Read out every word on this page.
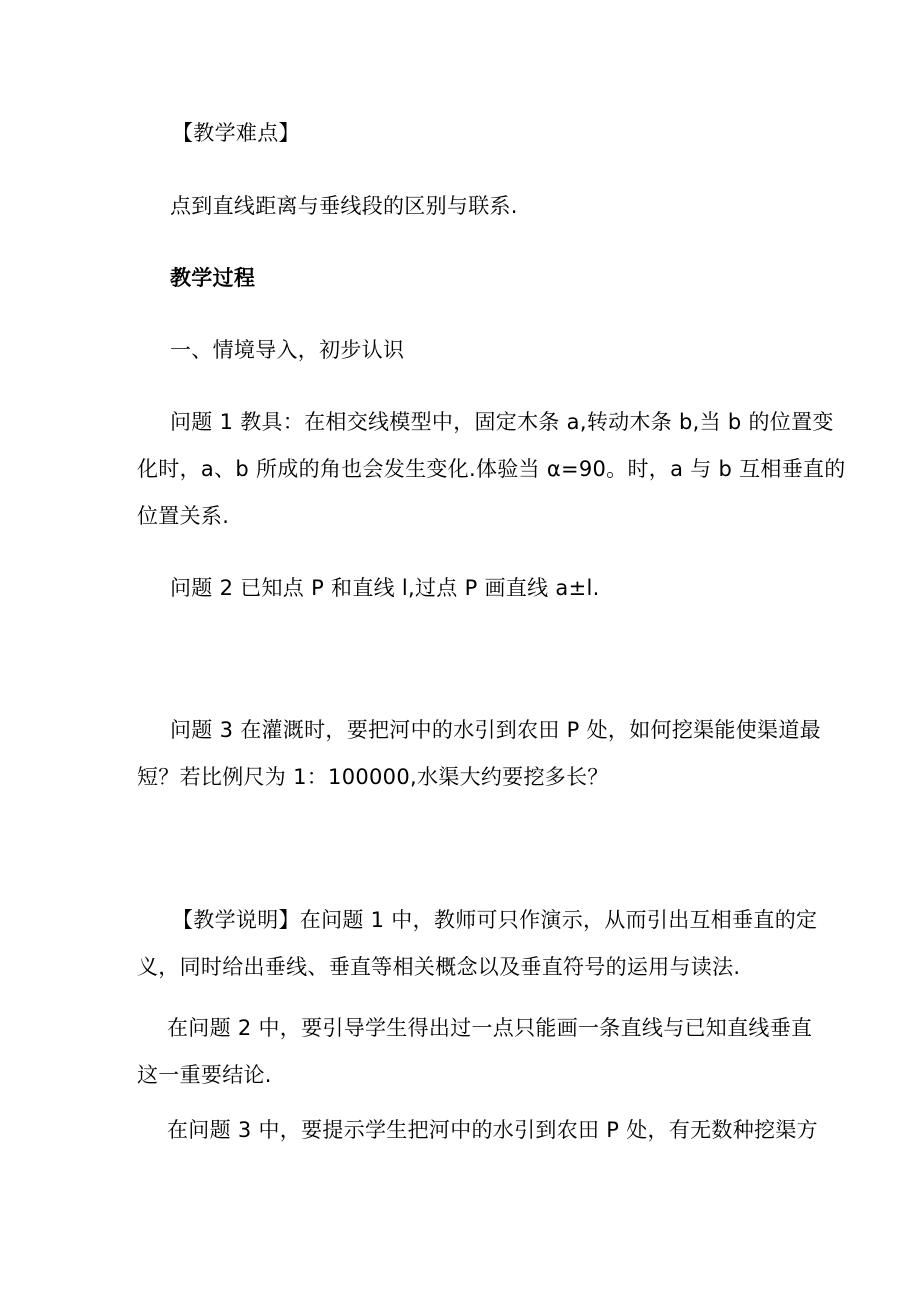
【教学难点】
点到直线距离与垂线段的区别与联系.
教学过程
一、情境导入，初步认识
问题 1 教具：在相交线模型中，固定木条 a,转动木条 b,当 b 的位置变
化时，a、b 所成的角也会发生变化.体验当 α=90。时，a 与 b 互相垂直的
位置关系.
问题 2 已知点 P 和直线 l,过点 P 画直线 a±l.
问题 3 在灌溉时，要把河中的水引到农田 P 处，如何挖渠能使渠道最
短？若比例尺为 1：100000,水渠大约要挖多长？
【教学说明】在问题 1 中，教师可只作演示，从而引出互相垂直的定
义，同时给出垂线、垂直等相关概念以及垂直符号的运用与读法.
在问题 2 中，要引导学生得出过一点只能画一条直线与已知直线垂直
这一重要结论.
在问题 3 中，要提示学生把河中的水引到农田 P 处，有无数种挖渠方
